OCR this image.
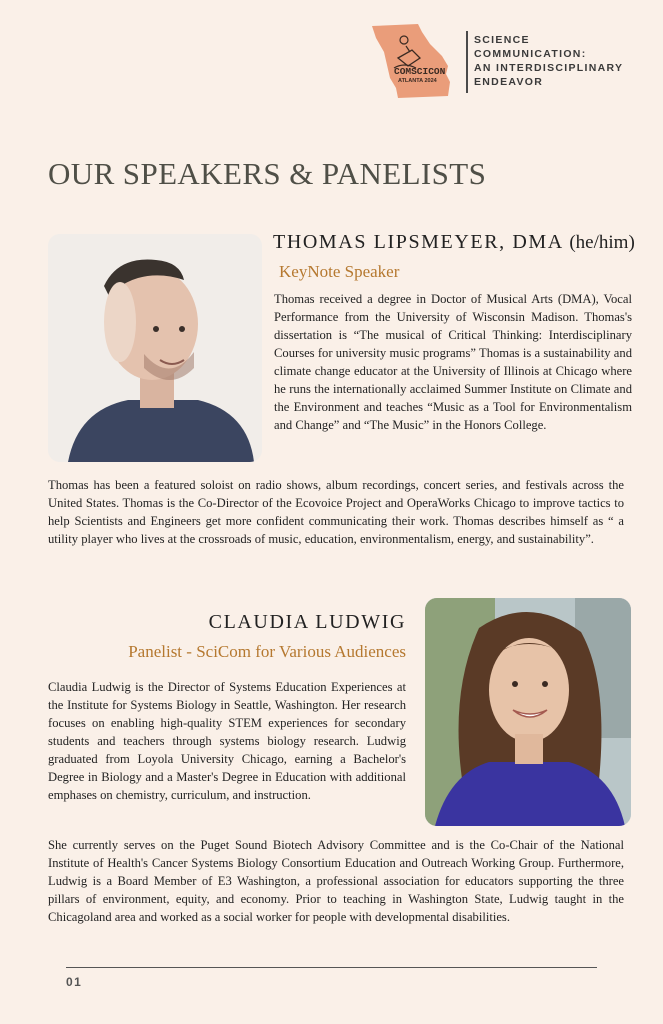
COMSCICON
ATLANTA 2024
SCIENCE
COMMUNICATION:
AN INTERDISCIPLINARY
ENDEAVOR
OUR SPEAKERS & PANELISTS
THOMAS LIPSMEYER, DMA (he/him)
KeyNote Speaker

Thomas received a degree in Doctor of Musical Arts (DMA), Vocal Performance from the University of Wisconsin Madison. Thomas's dissertation is “The musical of Critical Thinking: Interdisciplinary Courses for university music programs” Thomas is a sustainability and climate change educator at the University of Illinois at Chicago where he runs the internationally acclaimed Summer Institute on Climate and the Environment and teaches “Music as a Tool for Environmentalism and Change” and “The Music” in the Honors College.

Thomas has been a featured soloist on radio shows, album recordings, concert series, and festivals across the United States. Thomas is the Co-Director of the Ecovoice Project and OperaWorks Chicago to improve tactics to help Scientists and Engineers get more confident communicating their work. Thomas describes himself as “ a utility player who lives at the crossroads of music, education, environmentalism, energy, and sustainability”.

CLAUDIA LUDWIG
Panelist - SciCom for Various Audiences

Claudia Ludwig is the Director of Systems Education Experiences at the Institute for Systems Biology in Seattle, Washington. Her research focuses on enabling high-quality STEM experiences for secondary students and teachers through systems biology research. Ludwig graduated from Loyola University Chicago, earning a Bachelor's Degree in Biology and a Master's Degree in Education with additional emphases on chemistry, curriculum, and instruction.

She currently serves on the Puget Sound Biotech Advisory Committee and is the Co-Chair of the National Institute of Health's Cancer Systems Biology Consortium Education and Outreach Working Group. Furthermore, Ludwig is a Board Member of E3 Washington, a professional association for educators supporting the three pillars of environment, equity, and economy. Prior to teaching in Washington State, Ludwig taught in the Chicagoland area and worked as a social worker for people with developmental disabilities.

01
